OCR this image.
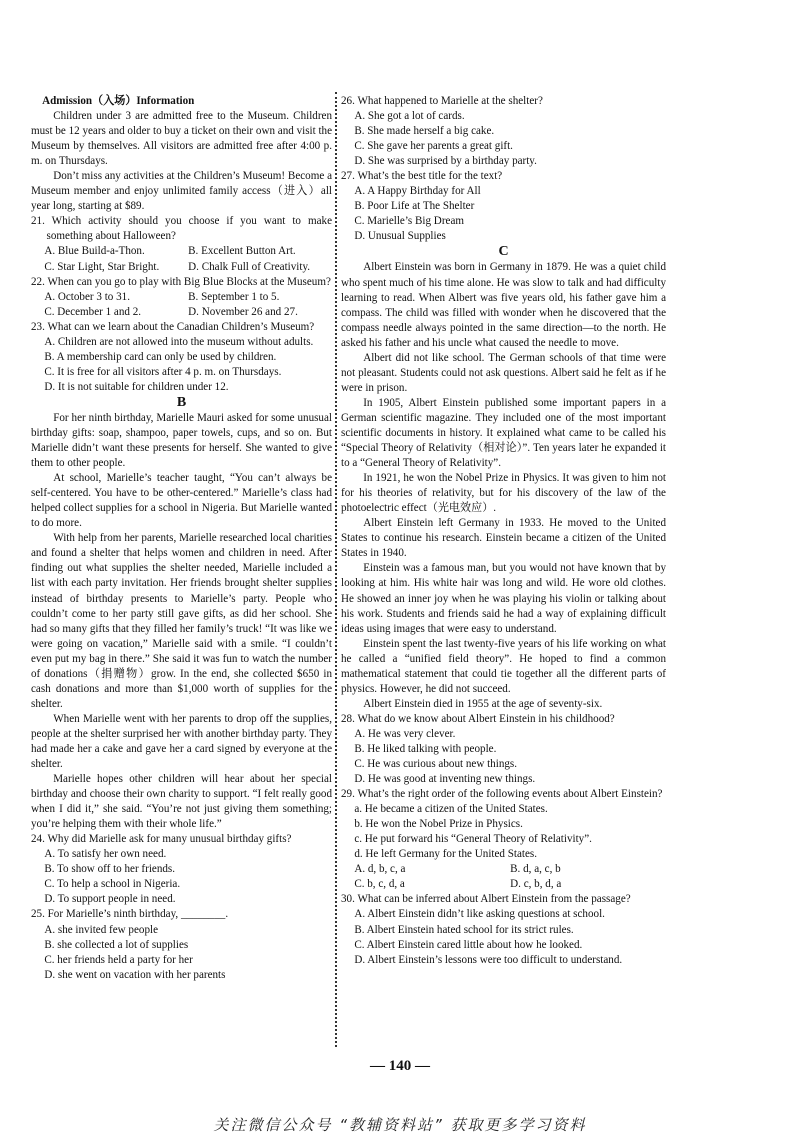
Admission（入场）Information

Children under 3 are admitted free to the Museum. Children must be 12 years and older to buy a ticket on their own and visit the Museum by themselves. All visitors are admitted free after 4:00 p. m. on Thursdays.

Don’t miss any activities at the Children’s Museum! Become a Museum member and enjoy unlimited family access（进入）all year long, starting at $89.

21. Which activity should you choose if you want to make something about Halloween?

A. Blue Build-a-Thon.	B. Excellent Button Art.
C. Star Light, Star Bright.	D. Chalk Full of Creativity.

22. When can you go to play with Big Blue Blocks at the Museum?

A. October 3 to 31.	B. September 1 to 5.
C. December 1 and 2.	D. November 26 and 27.

23. What can we learn about the Canadian Children’s Museum?

A. Children are not allowed into the museum without adults.

B. A membership card can only be used by children.

C. It is free for all visitors after 4 p. m. on Thursdays.

D. It is not suitable for children under 12.

B

For her ninth birthday, Marielle Mauri asked for some unusual birthday gifts: soap, shampoo, paper towels, cups, and so on. But Marielle didn’t want these presents for herself. She wanted to give them to other people.

At school, Marielle’s teacher taught, “You can’t always be self-centered. You have to be other-centered.” Marielle’s class had helped collect supplies for a school in Nigeria. But Marielle wanted to do more.

With help from her parents, Marielle researched local charities and found a shelter that helps women and children in need. After finding out what supplies the shelter needed, Marielle included a list with each party invitation. Her friends brought shelter supplies instead of birthday presents to Marielle’s party. People who couldn’t come to her party still gave gifts, as did her school. She had so many gifts that they filled her family’s truck! “It was like we were going on vacation,” Marielle said with a smile. “I couldn’t even put my bag in there.” She said it was fun to watch the number of donations（捐赠物）grow. In the end, she collected $650 in cash donations and more than $1,000 worth of supplies for the shelter.

When Marielle went with her parents to drop off the supplies, people at the shelter surprised her with another birthday party. They had made her a cake and gave her a card signed by everyone at the shelter.

Marielle hopes other children will hear about her special birthday and choose their own charity to support. “I felt really good when I did it,” she said. “You’re not just giving them something; you’re helping them with their whole life.”

24. Why did Marielle ask for many unusual birthday gifts?

A. To satisfy her own need.

B. To show off to her friends.

C. To help a school in Nigeria.

D. To support people in need.

25. For Marielle’s ninth birthday, ________.

A. she invited few people

B. she collected a lot of supplies

C. her friends held a party for her

D. she went on vacation with her parents

26. What happened to Marielle at the shelter?

A. She got a lot of cards.

B. She made herself a big cake.

C. She gave her parents a great gift.

D. She was surprised by a birthday party.

27. What’s the best title for the text?

A. A Happy Birthday for All

B. Poor Life at The Shelter

C. Marielle’s Big Dream

D. Unusual Supplies

C

Albert Einstein was born in Germany in 1879. He was a quiet child who spent much of his time alone. He was slow to talk and had difficulty learning to read. When Albert was five years old, his father gave him a compass. The child was filled with wonder when he discovered that the compass needle always pointed in the same direction—to the north. He asked his father and his uncle what caused the needle to move.

Albert did not like school. The German schools of that time were not pleasant. Students could not ask questions. Albert said he felt as if he were in prison.

In 1905, Albert Einstein published some important papers in a German scientific magazine. They included one of the most important scientific documents in history. It explained what came to be called his “Special Theory of Relativity（相对论）”. Ten years later he expanded it to a “General Theory of Relativity”.

In 1921, he won the Nobel Prize in Physics. It was given to him not for his theories of relativity, but for his discovery of the law of the photoelectric effect（光电效应）.

Albert Einstein left Germany in 1933. He moved to the United States to continue his research. Einstein became a citizen of the United States in 1940.

Einstein was a famous man, but you would not have known that by looking at him. His white hair was long and wild. He wore old clothes. He showed an inner joy when he was playing his violin or talking about his work. Students and friends said he had a way of explaining difficult ideas using images that were easy to understand.

Einstein spent the last twenty-five years of his life working on what he called a “unified field theory”. He hoped to find a common mathematical statement that could tie together all the different parts of physics. However, he did not succeed.

Albert Einstein died in 1955 at the age of seventy-six.

28. What do we know about Albert Einstein in his childhood?

A. He was very clever.

B. He liked talking with people.

C. He was curious about new things.

D. He was good at inventing new things.

29. What’s the right order of the following events about Albert Einstein?

a. He became a citizen of the United States.

b. He won the Nobel Prize in Physics.

c. He put forward his “General Theory of Relativity”.

d. He left Germany for the United States.

A. d, b, c, a	B. d, a, c, b
C. b, c, d, a	D. c, b, d, a

30. What can be inferred about Albert Einstein from the passage?

A. Albert Einstein didn’t like asking questions at school.

B. Albert Einstein hated school for its strict rules.

C. Albert Einstein cared little about how he looked.

D. Albert Einstein’s lessons were too difficult to understand.

— 140 —
关注微信公众号 “教辅资料站” 获取更多学习资料
